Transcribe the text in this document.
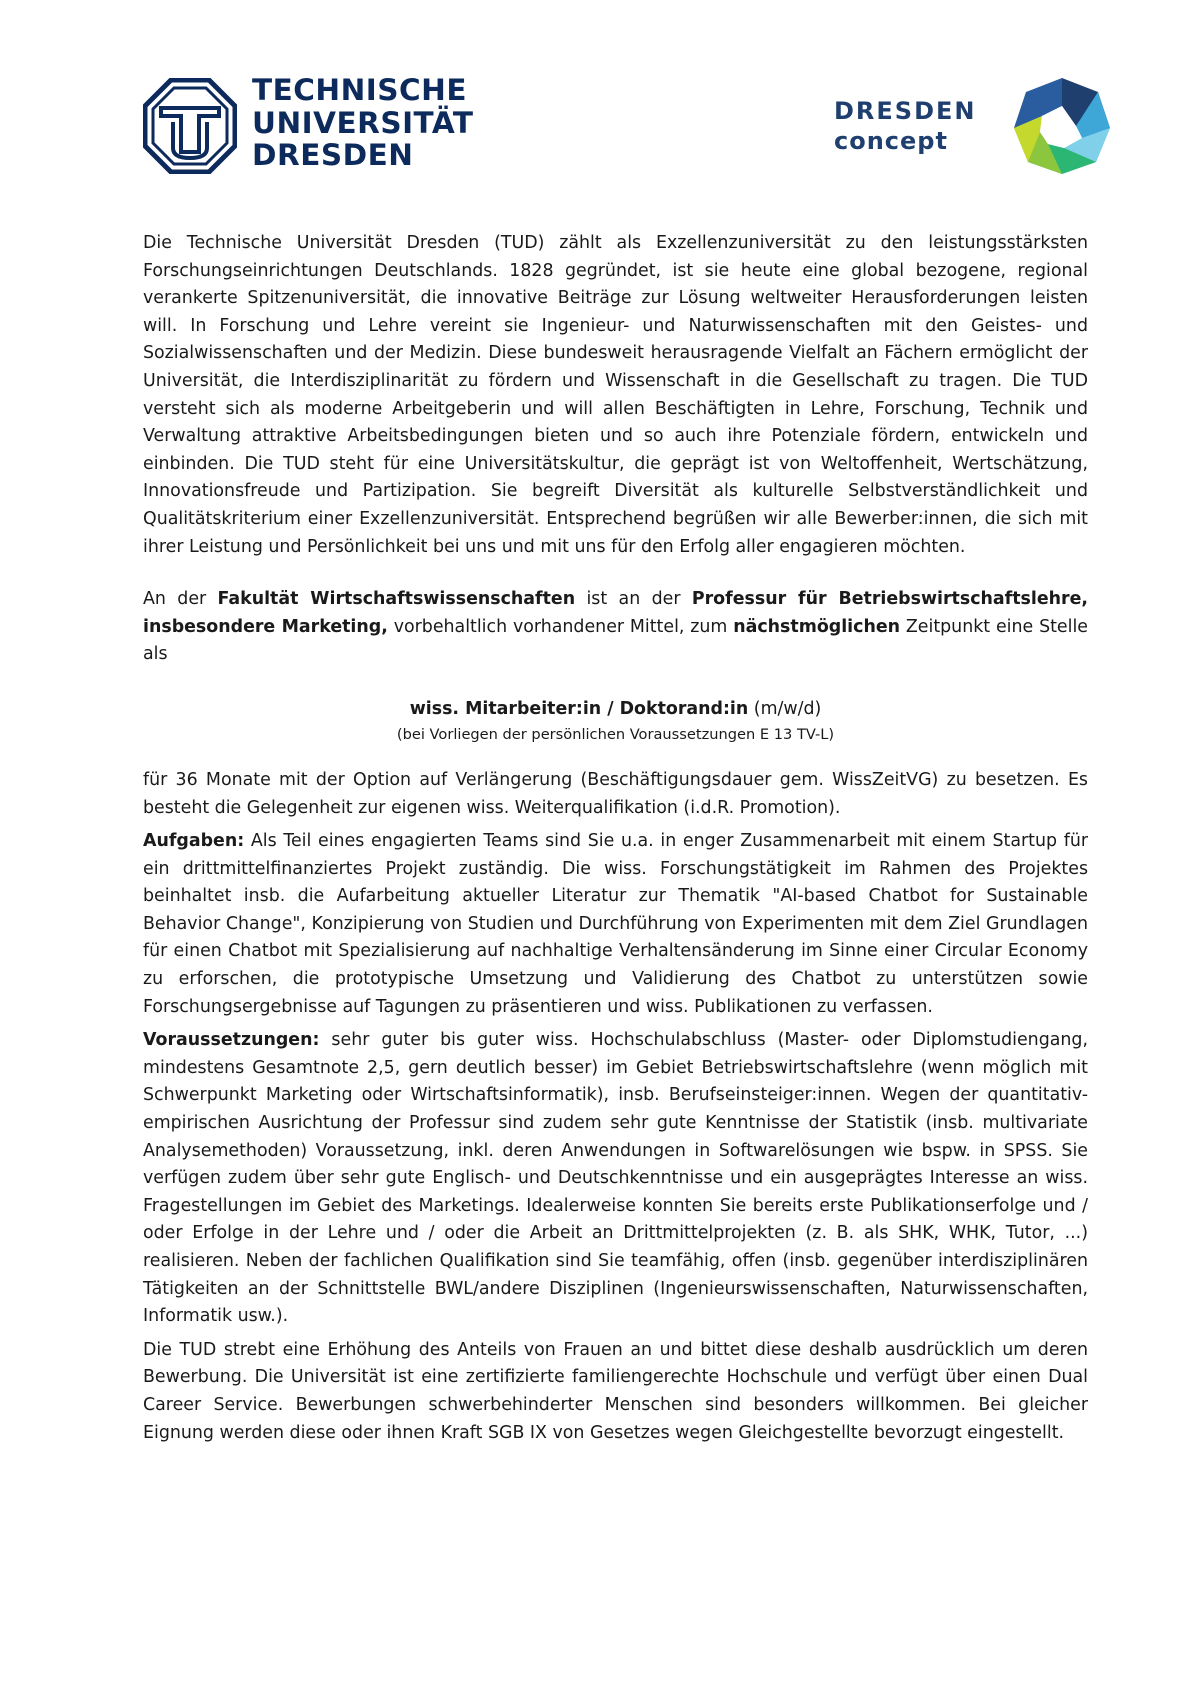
TECHNISCHE
UNIVERSITÄT
DRESDEN
DRESDEN
concept

Die Technische Universität Dresden (TUD) zählt als Exzellenzuniversität zu den leistungsstärksten Forschungseinrichtungen Deutschlands. 1828 gegründet, ist sie heute eine global bezogene, regional verankerte Spitzenuniversität, die innovative Beiträge zur Lösung weltweiter Herausforderungen leisten will. In Forschung und Lehre vereint sie Ingenieur- und Naturwissenschaften mit den Geistes- und Sozialwissenschaften und der Medizin. Diese bundesweit herausragende Vielfalt an Fächern ermöglicht der Universität, die Interdisziplinarität zu fördern und Wissenschaft in die Gesellschaft zu tragen. Die TUD versteht sich als moderne Arbeitgeberin und will allen Beschäftigten in Lehre, Forschung, Technik und Verwaltung attraktive Arbeitsbedingungen bieten und so auch ihre Potenziale fördern, entwickeln und einbinden. Die TUD steht für eine Universitätskultur, die geprägt ist von Weltoffenheit, Wertschätzung, Innovationsfreude und Partizipation. Sie begreift Diversität als kulturelle Selbstverständlichkeit und Qualitätskriterium einer Exzellenzuniversität. Entsprechend begrüßen wir alle Bewerber:innen, die sich mit ihrer Leistung und Persönlichkeit bei uns und mit uns für den Erfolg aller engagieren möchten.

An der Fakultät Wirtschaftswissenschaften ist an der Professur für Betriebswirtschaftslehre, insbesondere Marketing, vorbehaltlich vorhandener Mittel, zum nächstmöglichen Zeitpunkt eine Stelle als

wiss. Mitarbeiter:in / Doktorand:in (m/w/d)
(bei Vorliegen der persönlichen Voraussetzungen E 13 TV-L)

für 36 Monate mit der Option auf Verlängerung (Beschäftigungsdauer gem. WissZeitVG) zu besetzen. Es besteht die Gelegenheit zur eigenen wiss. Weiterqualifikation (i.d.R. Promotion).

Aufgaben: Als Teil eines engagierten Teams sind Sie u.a. in enger Zusammenarbeit mit einem Startup für ein drittmittelfinanziertes Projekt zuständig. Die wiss. Forschungstätigkeit im Rahmen des Projektes beinhaltet insb. die Aufarbeitung aktueller Literatur zur Thematik "AI-based Chatbot for Sustainable Behavior Change", Konzipierung von Studien und Durchführung von Experimenten mit dem Ziel Grundlagen für einen Chatbot mit Spezialisierung auf nachhaltige Verhaltensänderung im Sinne einer Circular Economy zu erforschen, die prototypische Umsetzung und Validierung des Chatbot zu unterstützen sowie Forschungsergebnisse auf Tagungen zu präsentieren und wiss. Publikationen zu verfassen.

Voraussetzungen: sehr guter bis guter wiss. Hochschulabschluss (Master- oder Diplomstudiengang, mindestens Gesamtnote 2,5, gern deutlich besser) im Gebiet Betriebswirtschaftslehre (wenn möglich mit Schwerpunkt Marketing oder Wirtschaftsinformatik), insb. Berufseinsteiger:innen. Wegen der quantitativ-empirischen Ausrichtung der Professur sind zudem sehr gute Kenntnisse der Statistik (insb. multivariate Analysemethoden) Voraussetzung, inkl. deren Anwendungen in Softwarelösungen wie bspw. in SPSS. Sie verfügen zudem über sehr gute Englisch- und Deutschkenntnisse und ein ausgeprägtes Interesse an wiss. Fragestellungen im Gebiet des Marketings. Idealerweise konnten Sie bereits erste Publikationserfolge und / oder Erfolge in der Lehre und / oder die Arbeit an Drittmittelprojekten (z. B. als SHK, WHK, Tutor, ...) realisieren. Neben der fachlichen Qualifikation sind Sie teamfähig, offen (insb. gegenüber interdisziplinären Tätigkeiten an der Schnittstelle BWL/andere Disziplinen (Ingenieurswissenschaften, Naturwissenschaften, Informatik usw.).

Die TUD strebt eine Erhöhung des Anteils von Frauen an und bittet diese deshalb ausdrücklich um deren Bewerbung. Die Universität ist eine zertifizierte familiengerechte Hochschule und verfügt über einen Dual Career Service. Bewerbungen schwerbehinderter Menschen sind besonders willkommen. Bei gleicher Eignung werden diese oder ihnen Kraft SGB IX von Gesetzes wegen Gleichgestellte bevorzugt eingestellt.
